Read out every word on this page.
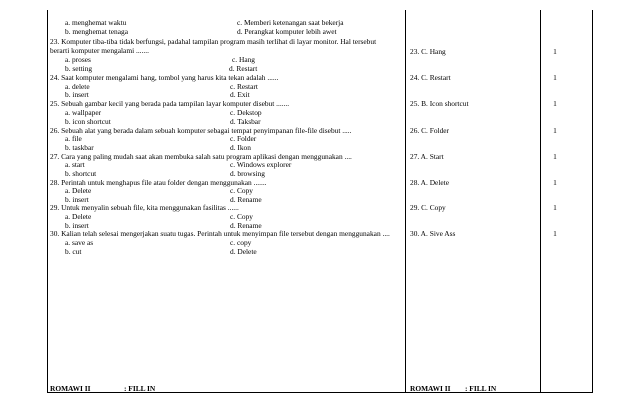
a. menghemat waktu	c. Memberi ketenangan saat bekerja
b. menghemat tenaga	d. Perangkat komputer lebih awet
23. Komputer tiba-tiba tidak berfungsi, padahal tampilan program masih terlihat di layar monitor. Hal tersebut
berarti komputer mengalami .......
a. proses	c. Hang
b. setting	d. Restart
24. Saat komputer mengalami hang, tombol yang harus kita tekan adalah ......
a. delete	c. Restart
b. insert	d. Exit
25. Sebuah gambar kecil yang berada pada tampilan layar komputer disebut .......
a. wallpaper	c. Dekstop
b. icon shortcut	d. Taksbar
26. Sebuah alat yang berada dalam sebuah komputer sebagai tempat penyimpanan file-file disebut .....
a. file	c. Folder
b. taskbar	d. Ikon
27. Cara yang paling mudah saat akan membuka salah satu program aplikasi dengan menggunakan ....
a. start	c. Windows explorer
b. shortcut	d. browsing
28. Perintah untuk menghapus file atau folder dengan menggunakan .......
a. Delete	c. Copy
b. insert	d. Rename
29. Untuk menyalin sebuah file, kita menggunakan fasilitas ......
a. Delete	c. Copy
b. insert	d. Rename
30. Kalian telah selesai mengerjakan suatu tugas. Perintah untuk menyimpan file tersebut dengan menggunakan ....
a. save as	c. copy
b. cut	d. Delete
23. C. Hang	1
24. C. Restart	1
25. B. Icon shortcut	1
26. C. Folder	1
27. A. Start	1
28. A. Delete	1
29. C. Copy	1
30. A. Sive Ass	1
ROMAWI II	: FILL IN	ROMAWI II : FILL IN
